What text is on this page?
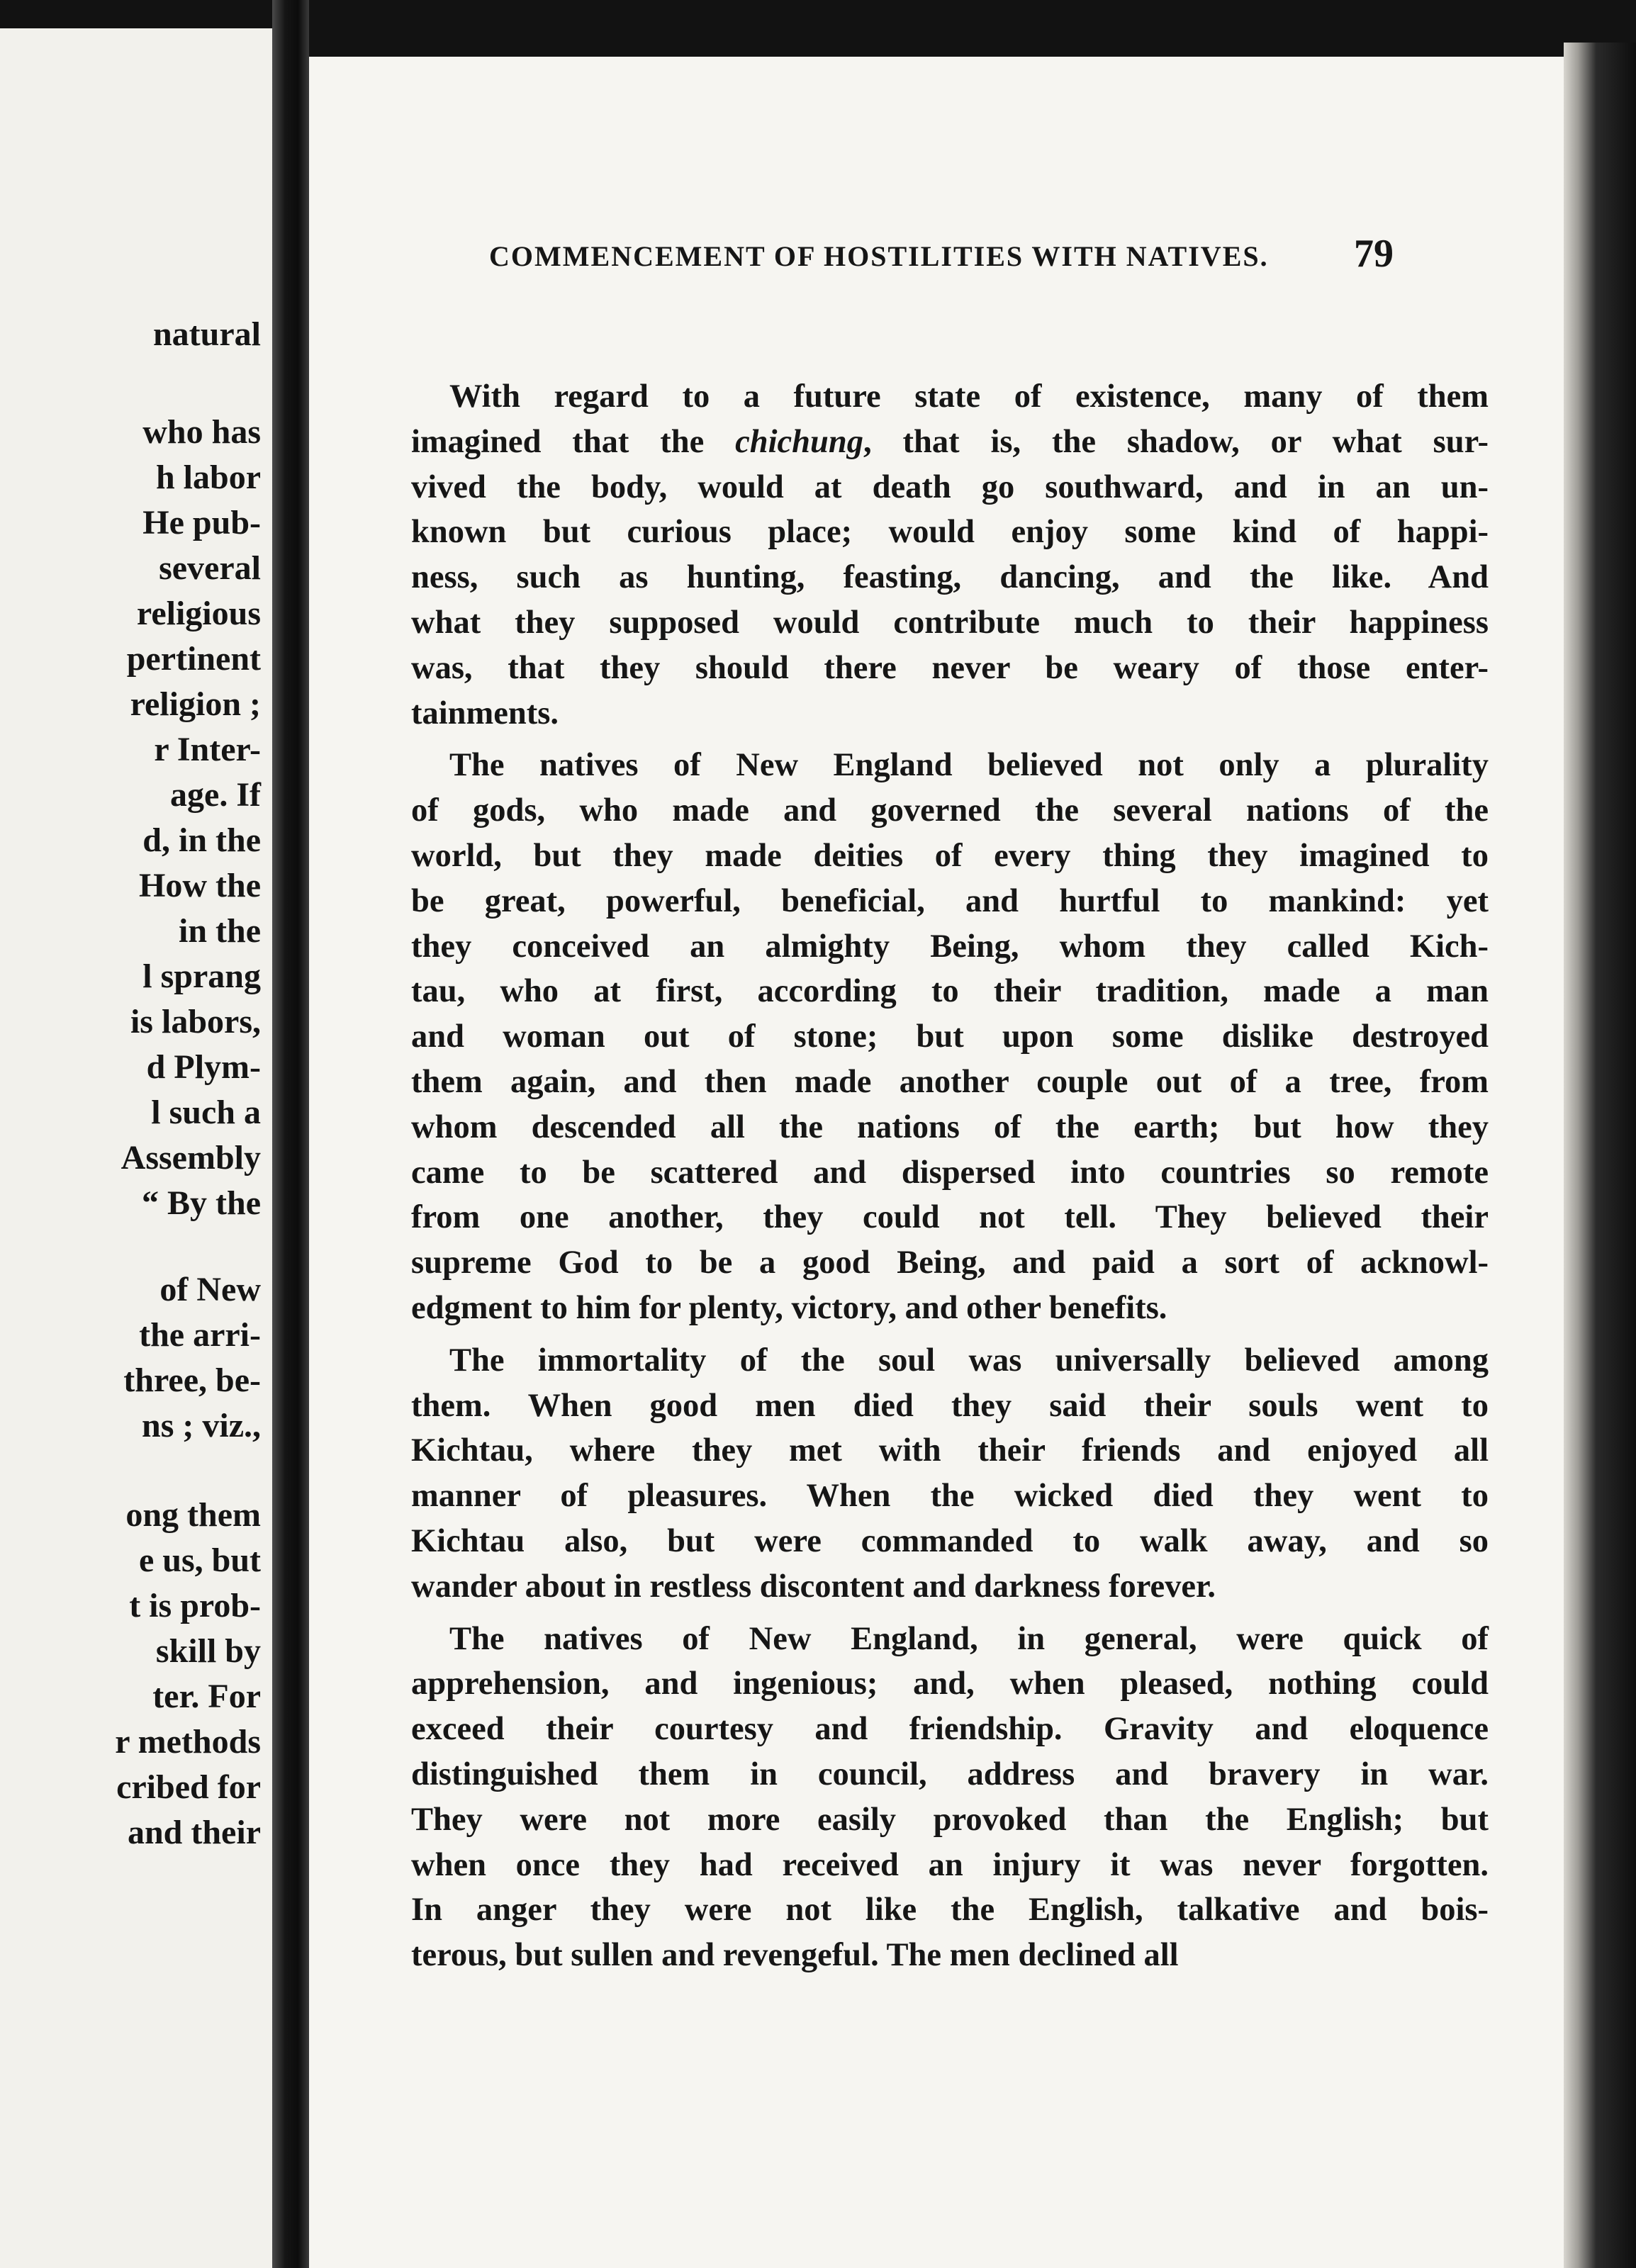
natural
who has
h labor
He pub-
several
religious
pertinent
religion ;
r Inter-
age. If
d, in the
How the
in the
l sprang
is labors,
d Plym-
l such a
Assembly
“ By the
of New
the arri-
three, be-
ns ; viz.,
ong them
e us, but
t is prob-
skill by
ter. For
r methods
cribed for
and their
COMMENCEMENT OF HOSTILITIES WITH NATIVES.	79
With regard to a future state of existence, many of them
imagined that the chichung, that is, the shadow, or what sur-
vived the body, would at death go southward, and in an un-
known but curious place; would enjoy some kind of happi-
ness, such as hunting, feasting, dancing, and the like. And
what they supposed would contribute much to their happiness
was, that they should there never be weary of those enter-
tainments.
The natives of New England believed not only a plurality
of gods, who made and governed the several nations of the
world, but they made deities of every thing they imagined to
be great, powerful, beneficial, and hurtful to mankind: yet
they conceived an almighty Being, whom they called Kich-
tau, who at first, according to their tradition, made a man
and woman out of stone; but upon some dislike destroyed
them again, and then made another couple out of a tree, from
whom descended all the nations of the earth; but how they
came to be scattered and dispersed into countries so remote
from one another, they could not tell. They believed their
supreme God to be a good Being, and paid a sort of acknowl-
edgment to him for plenty, victory, and other benefits.
The immortality of the soul was universally believed among
them. When good men died they said their souls went to
Kichtau, where they met with their friends and enjoyed all
manner of pleasures. When the wicked died they went to
Kichtau also, but were commanded to walk away, and so
wander about in restless discontent and darkness forever.
The natives of New England, in general, were quick of
apprehension, and ingenious; and, when pleased, nothing could
exceed their courtesy and friendship. Gravity and eloquence
distinguished them in council, address and bravery in war.
They were not more easily provoked than the English; but
when once they had received an injury it was never forgotten.
In anger they were not like the English, talkative and bois-
terous, but sullen and revengeful. The men declined all
